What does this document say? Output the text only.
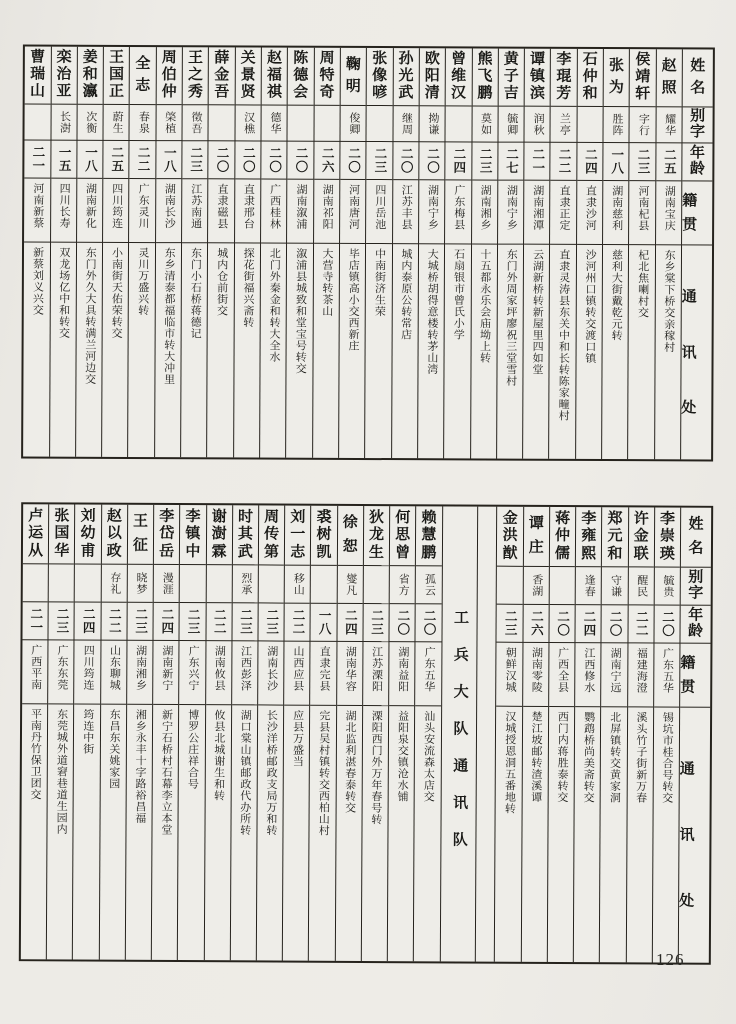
姓
名
别
字
年
龄
籍
贯
通
讯
处
赵
照
耀华
二五
湖南宝庆
东乡棠下桥交亲稼村
侯
靖
轩
字行
二三
河南杞县
杞北焦喇村交
张
为
胜阵
一八
湖南慈利
慈利大街戴乾元转
石
仲
和
二四
直隶沙河
沙河州口镇转交渡口镇
李
琨
芳
兰亭
二二
直隶正定
直隶灵涛县东关中和长转陈家疃村
谭
镇
滨
润秋
二一
湖南湘潭
云湖新桥转新屋里四如堂
黄
子
吉
毓卿
二七
湖南宁乡
东门外周家坪廖祝三堂雪村
熊
飞
鹏
莫如
二三
湖南湘乡
十五都永乐会庙坳上转
曾
维
汉
二四
广东梅县
石扇银市曾氏小学
欧
阳
清
拗谦
二〇
湖南宁乡
大城桥胡得意楼转茅山湾
孙
光
武
继周
二〇
江苏丰县
城内泰原公转常店
张
像
喭
二三
四川岳池
中南街济生荣
鞠
明
俊卿
二〇
河南唐河
毕店镇高小交西新庄
周
特
奇
二六
湖南祁阳
大营寺转茶山
陈
德
会
二〇
湖南溆浦
溆浦县城致和堂宝号转交
赵
福
祺
德华
二〇
广西桂林
北门外秦金和转大全水
关
景
贤
汉樵
二〇
直隶邢台
探花街福兴斋转
薛
金
吾
二〇
直隶磁县
城内仓前街交
王
之
秀
徵吾
二三
江苏南通
东门小石桥蒋德记
周
伯
仲
棨植
一八
湖南长沙
东乡清泰都福临市转大冲里
全
志
春泉
二二
广东灵川
灵川万盛兴转
王
国
正
蔚生
二五
四川筠连
小南街天佑荣转交
姜
和
瀛
次衡
一八
湖南新化
东门外久大具转满兰河边交
栾
治
亚
长澍
一五
四川长寿
双龙场亿中和转交
曹
瑞
山
二一
河南新蔡
新蔡刘义兴交
姓
名
别
字
年
龄
籍
贯
通
讯
处
李
崇
瑛
毓贵
二〇
广东五华
锡坑市桂合号转交
许
金
联
醒民
二二
福建海澄
溪头竹子街新万春
郑
元
和
守谦
二〇
湖南宁远
北屏镇转交黄家洞
李
雍
熙
逢春
二四
江西修水
鹦鹉桥尚美斋转交
蒋
仲
儒
二〇
广西全县
西门内蒋胜泰转交
谭
庄
香湖
二六
湖南零陵
楚江坡邮转渣溪谭
金
洪
猷
二三
朝鲜汉城
汉城授恩洞五番地转
工兵大队通讯队
赖
慧
鹏
孤云
二〇
广东五华
汕头安流森太店交
何
思
曾
省方
二〇
湖南益阳
益阳泉交镇沧水铺
狄
龙
生
二三
江苏溧阳
溧阳西门外万年春号转
徐
恕
燮凡
二四
湖南华容
湖北监利湛春泰转交
裘
树
凯
一八
直隶完县
完县吴村镇转交西柏山村
刘
一
志
移山
二二
山西应县
应县万盛当
周
传
第
二三
湖南长沙
长沙洋桥邮政支局万和转
时
其
武
烈承
二三
江西彭泽
湖口棠山镇邮政代办所转
谢
澍
霖
二二
湖南攸县
攸县北城谢生和转
李
镇
中
二三
广东兴宁
博罗公庄祥合号
李
岱
岳
漫涯
二四
湖南新宁
新宁石桥村石幕李立本堂
王
征
晓梦
二三
湖南湘乡
湘乡永丰十字路裕昌福
赵
以
政
存礼
二二
山东聊城
东昌东关姚家园
刘
幼
甫
二四
四川筠连
筠连中街
张
国
华
二三
广东东莞
东莞城外道窘巷道生园内
卢
运
从
二一
广西平南
平南丹竹保卫团交
126
